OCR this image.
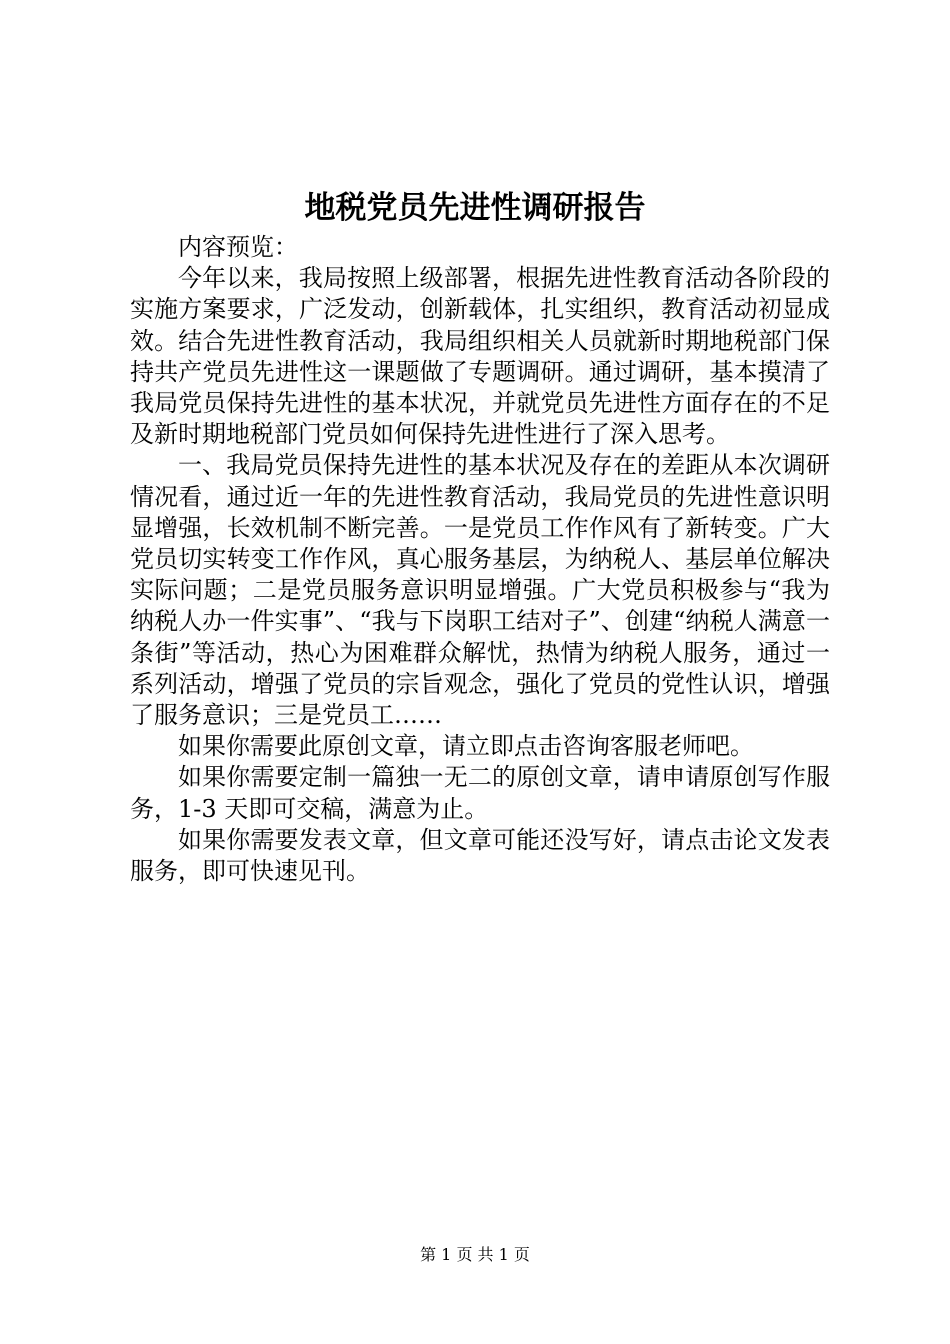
地税党员先进性调研报告

内容预览：

今年以来，我局按照上级部署，根据先进性教育活动各阶段的实施方案要求，广泛发动，创新载体，扎实组织，教育活动初显成效。结合先进性教育活动，我局组织相关人员就新时期地税部门保持共产党员先进性这一课题做了专题调研。通过调研，基本摸清了我局党员保持先进性的基本状况，并就党员先进性方面存在的不足及新时期地税部门党员如何保持先进性进行了深入思考。

一、我局党员保持先进性的基本状况及存在的差距从本次调研情况看，通过近一年的先进性教育活动，我局党员的先进性意识明显增强，长效机制不断完善。一是党员工作作风有了新转变。广大党员切实转变工作作风，真心服务基层，为纳税人、基层单位解决实际问题；二是党员服务意识明显增强。广大党员积极参与“我为纳税人办一件实事”、“我与下岗职工结对子”、创建“纳税人满意一条街”等活动，热心为困难群众解忧，热情为纳税人服务，通过一系列活动，增强了党员的宗旨观念，强化了党员的党性认识，增强了服务意识；三是党员工……

如果你需要此原创文章，请立即点击咨询客服老师吧。

如果你需要定制一篇独一无二的原创文章，请申请原创写作服务，1-3 天即可交稿，满意为止。

如果你需要发表文章，但文章可能还没写好，请点击论文发表服务，即可快速见刊。

第 1 页 共 1 页
